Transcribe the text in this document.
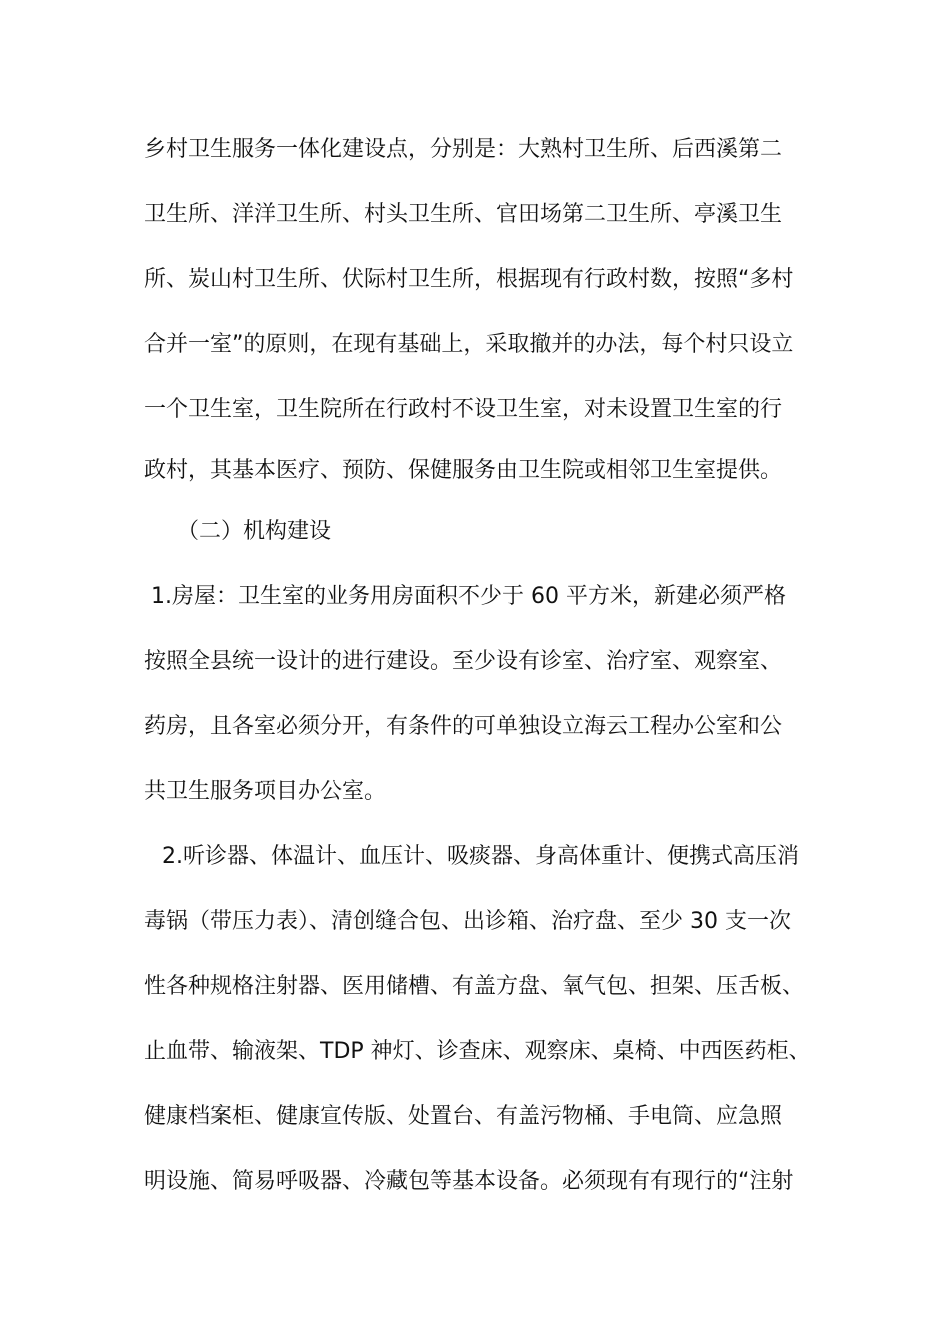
乡村卫生服务一体化建设点，分别是：大熟村卫生所、后西溪第二
卫生所、洋洋卫生所、村头卫生所、官田场第二卫生所、亭溪卫生
所、炭山村卫生所、伏际村卫生所，根据现有行政村数，按照“多村
合并一室”的原则，在现有基础上，采取撤并的办法，每个村只设立
一个卫生室，卫生院所在行政村不设卫生室，对未设置卫生室的行
政村，其基本医疗、预防、保健服务由卫生院或相邻卫生室提供。
　　（二）机构建设
1.房屋：卫生室的业务用房面积不少于 60 平方米，新建必须严格
按照全县统一设计的进行建设。至少设有诊室、治疗室、观察室、
药房，且各室必须分开，有条件的可单独设立海云工程办公室和公
共卫生服务项目办公室。
2.听诊器、体温计、血压计、吸痰器、身高体重计、便携式高压消
毒锅（带压力表）、清创缝合包、出诊箱、治疗盘、至少 30 支一次
性各种规格注射器、医用储槽、有盖方盘、氧气包、担架、压舌板、
止血带、输液架、TDP 神灯、诊查床、观察床、桌椅、中西医药柜、
健康档案柜、健康宣传版、处置台、有盖污物桶、手电筒、应急照
明设施、简易呼吸器、冷藏包等基本设备。必须现有有现行的“注射
